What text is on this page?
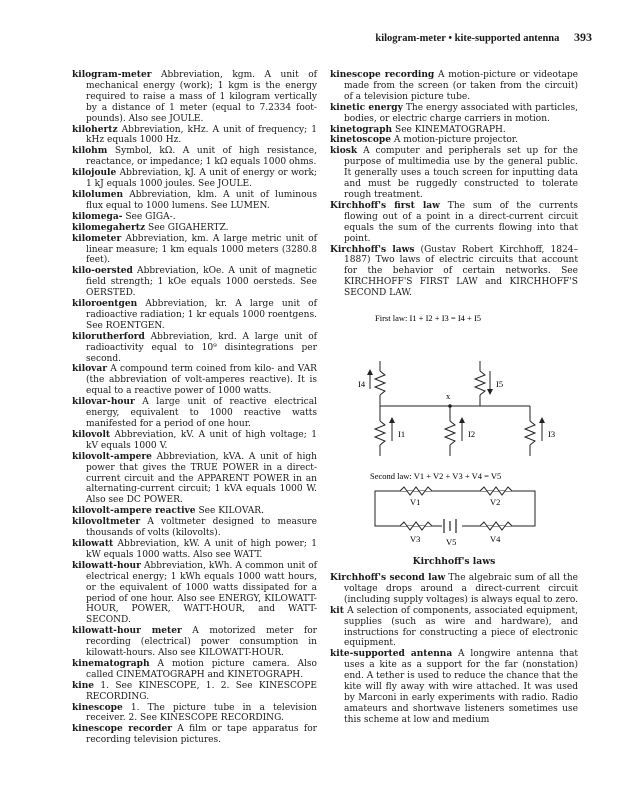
kilogram-meter • kite-supported antenna 393

kilogram-meter Abbreviation, kgm. A unit of mechanical energy (work); 1 kgm is the energy required to raise a mass of 1 kilogram vertically by a distance of 1 meter (equal to 7.2334 foot-pounds). Also see JOULE.

kilohertz Abbreviation, kHz. A unit of frequency; 1 kHz equals 1000 Hz.

kilohm Symbol, kΩ. A unit of high resistance, reactance, or impedance; 1 kΩ equals 1000 ohms.

kilojoule Abbreviation, kJ. A unit of energy or work; 1 kJ equals 1000 joules. See JOULE.

kilolumen Abbreviation, klm. A unit of luminous flux equal to 1000 lumens. See LUMEN.

kilomega- See GIGA-.

kilomegahertz See GIGAHERTZ.

kilometer Abbreviation, km. A large metric unit of linear measure; 1 km equals 1000 meters (3280.8 feet).

kilo-oersted Abbreviation, kOe. A unit of magnetic field strength; 1 kOe equals 1000 oersteds. See OERSTED.

kiloroentgen Abbreviation, kr. A large unit of radioactive radiation; 1 kr equals 1000 roentgens. See ROENTGEN.

kilorutherford Abbreviation, krd. A large unit of radioactivity equal to 10⁹ disintegrations per second.

kilovar A compound term coined from kilo- and VAR (the abbreviation of volt-amperes reactive). It is equal to a reactive power of 1000 watts.

kilovar-hour A large unit of reactive electrical energy, equivalent to 1000 reactive watts manifested for a period of one hour.

kilovolt Abbreviation, kV. A unit of high voltage; 1 kV equals 1000 V.

kilovolt-ampere Abbreviation, kVA. A unit of high power that gives the TRUE POWER in a direct-current circuit and the APPARENT POWER in an alternating-current circuit; 1 kVA equals 1000 W. Also see DC POWER.

kilovolt-ampere reactive See KILOVAR.

kilovoltmeter A voltmeter designed to measure thousands of volts (kilovolts).

kilowatt Abbreviation, kW. A unit of high power; 1 kW equals 1000 watts. Also see WATT.

kilowatt-hour Abbreviation, kWh. A common unit of electrical energy; 1 kWh equals 1000 watt hours, or the equivalent of 1000 watts dissipated for a period of one hour. Also see ENERGY, KILOWATT-HOUR, POWER, WATT-HOUR, and WATT-SECOND.

kilowatt-hour meter A motorized meter for recording (electrical) power consumption in kilowatt-hours. Also see KILOWATT-HOUR.

kinematograph A motion picture camera. Also called CINEMATOGRAPH and KINETOGRAPH.

kine 1. See KINESCOPE, 1. 2. See KINESCOPE RECORDING.

kinescope 1. The picture tube in a television receiver. 2. See KINESCOPE RECORDING.

kinescope recorder A film or tape apparatus for recording television pictures.

kinescope recording A motion-picture or videotape made from the screen (or taken from the circuit) of a television picture tube.

kinetic energy The energy associated with particles, bodies, or electric charge carriers in motion.

kinetograph See KINEMATOGRAPH.

kinetoscope A motion-picture projector.

kiosk A computer and peripherals set up for the purpose of multimedia use by the general public. It generally uses a touch screen for inputting data and must be ruggedly constructed to tolerate rough treatment.

Kirchhoff's first law The sum of the currents flowing out of a point in a direct-current circuit equals the sum of the currents flowing into that point.

Kirchhoff's laws (Gustav Robert Kirchhoff, 1824–1887) Two laws of electric circuits that account for the behavior of certain networks. See KIRCHHOFF'S FIRST LAW and KIRCHHOFF'S SECOND LAW.

First law: I1 + I2 + I3 = I4 + I5
I4	I5
x
I1	I2	I3
Second law: V1 + V2 + V3 + V4 = V5
V1	V2
V3	V4
V5
Kirchhoff's laws

Kirchhoff's second law The algebraic sum of all the voltage drops around a direct-current circuit (including supply voltages) is always equal to zero.

kit A selection of components, associated equipment, supplies (such as wire and hardware), and instructions for constructing a piece of electronic equipment.

kite-supported antenna A longwire antenna that uses a kite as a support for the far (nonstation) end. A tether is used to reduce the chance that the kite will fly away with wire attached. It was used by Marconi in early experiments with radio. Radio amateurs and shortwave listeners sometimes use this scheme at low and medium
